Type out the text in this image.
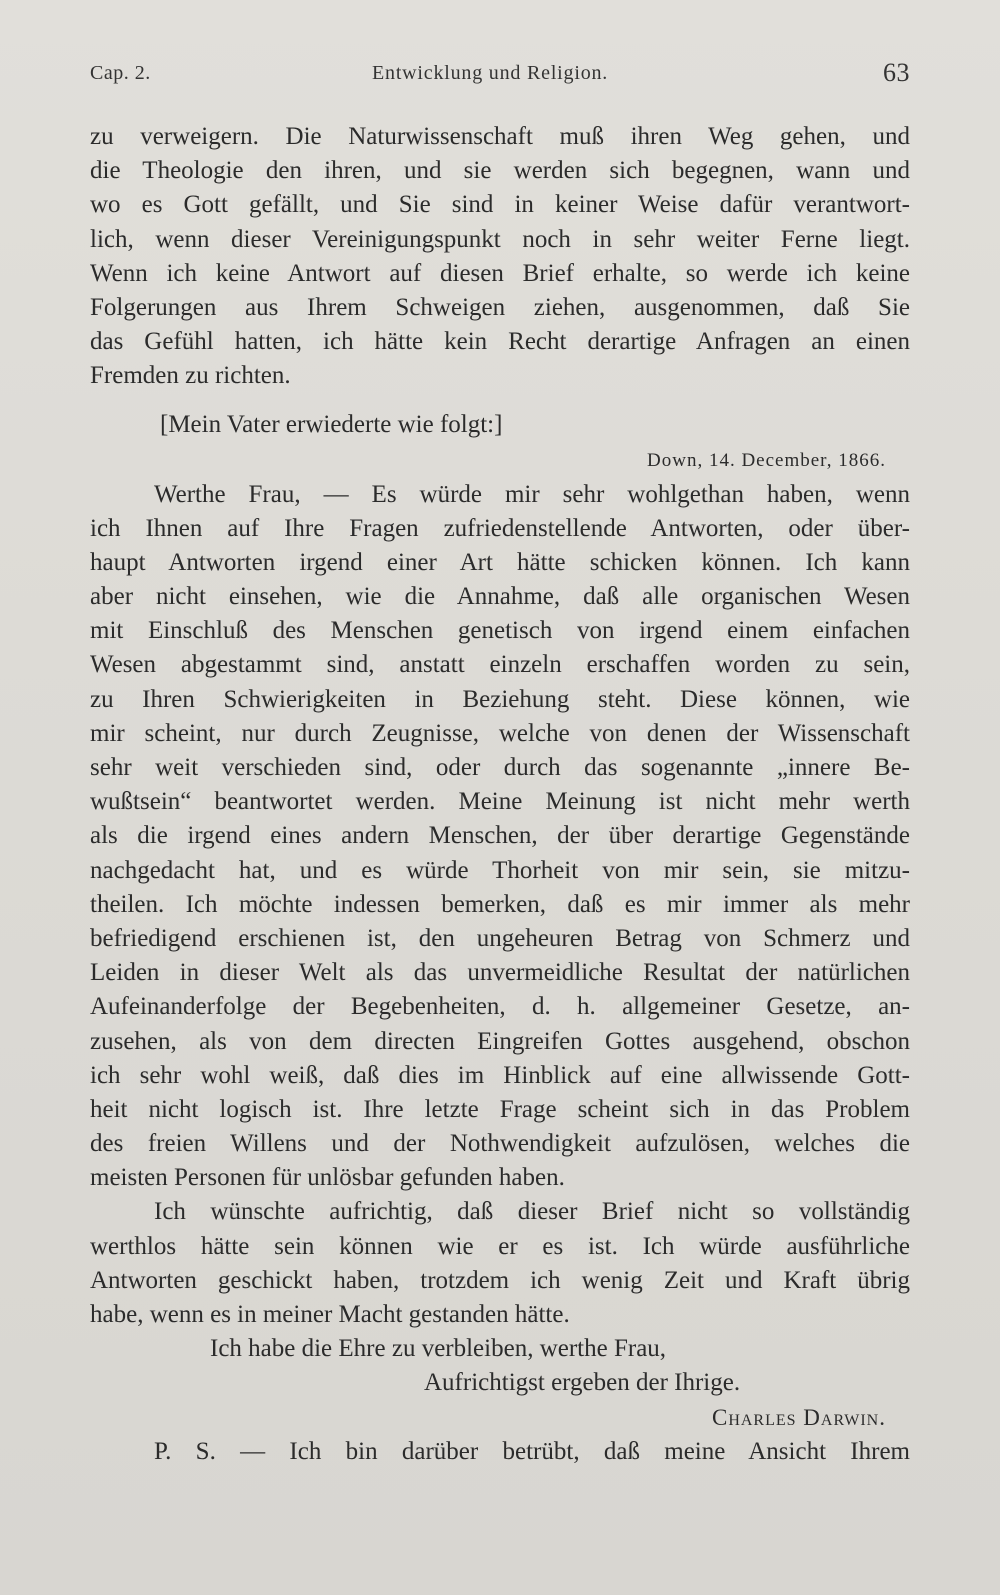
Cap. 2.	Entwicklung und Religion.	63
zu verweigern. Die Naturwissenschaft muß ihren Weg gehen, und
die Theologie den ihren, und sie werden sich begegnen, wann und
wo es Gott gefällt, und Sie sind in keiner Weise dafür verantwort-
lich, wenn dieser Vereinigungspunkt noch in sehr weiter Ferne liegt.
Wenn ich keine Antwort auf diesen Brief erhalte, so werde ich keine
Folgerungen aus Ihrem Schweigen ziehen, ausgenommen, daß Sie
das Gefühl hatten, ich hätte kein Recht derartige Anfragen an einen
Fremden zu richten.
[Mein Vater erwiederte wie folgt:]
Down, 14. December, 1866.
Werthe Frau, — Es würde mir sehr wohlgethan haben, wenn
ich Ihnen auf Ihre Fragen zufriedenstellende Antworten, oder über-
haupt Antworten irgend einer Art hätte schicken können. Ich kann
aber nicht einsehen, wie die Annahme, daß alle organischen Wesen
mit Einschluß des Menschen genetisch von irgend einem einfachen
Wesen abgestammt sind, anstatt einzeln erschaffen worden zu sein,
zu Ihren Schwierigkeiten in Beziehung steht. Diese können, wie
mir scheint, nur durch Zeugnisse, welche von denen der Wissenschaft
sehr weit verschieden sind, oder durch das sogenannte „innere Be-
wußtsein“ beantwortet werden. Meine Meinung ist nicht mehr werth
als die irgend eines andern Menschen, der über derartige Gegenstände
nachgedacht hat, und es würde Thorheit von mir sein, sie mitzu-
theilen. Ich möchte indessen bemerken, daß es mir immer als mehr
befriedigend erschienen ist, den ungeheuren Betrag von Schmerz und
Leiden in dieser Welt als das unvermeidliche Resultat der natürlichen
Aufeinanderfolge der Begebenheiten, d. h. allgemeiner Gesetze, an-
zusehen, als von dem directen Eingreifen Gottes ausgehend, obschon
ich sehr wohl weiß, daß dies im Hinblick auf eine allwissende Gott-
heit nicht logisch ist. Ihre letzte Frage scheint sich in das Problem
des freien Willens und der Nothwendigkeit aufzulösen, welches die
meisten Personen für unlösbar gefunden haben.
Ich wünschte aufrichtig, daß dieser Brief nicht so vollständig
werthlos hätte sein können wie er es ist. Ich würde ausführliche
Antworten geschickt haben, trotzdem ich wenig Zeit und Kraft übrig
habe, wenn es in meiner Macht gestanden hätte.
Ich habe die Ehre zu verbleiben, werthe Frau,
Aufrichtigst ergeben der Ihrige.
Charles Darwin.
P. S. — Ich bin darüber betrübt, daß meine Ansicht Ihrem
